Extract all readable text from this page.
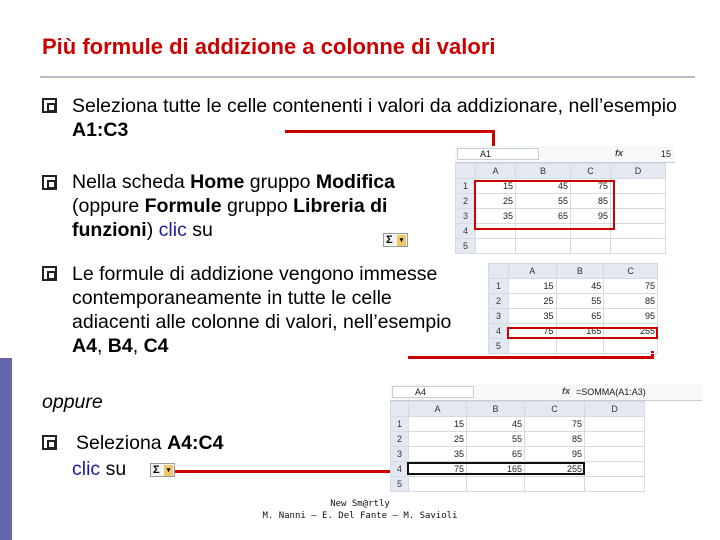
Più formule di addizione a colonne di valori
Seleziona tutte le celle contenenti i valori da addizionare, nell’esempio A1:C3
Nella scheda Home gruppo Modifica
(oppure Formule gruppo Libreria di
funzioni) clic su	Σ	▾
Le formule di addizione vengono immesse contemporaneamente in tutte le celle adiacenti alle colonne di valori, nell’esempio A4, B4, C4
oppure
Seleziona A4:C4
clic su	Σ	▾
A1	fx	15
	A	B	C	D
1	15	45	75	
2	25	55	85	
3	35	65	95	
4				
5				
	A	B	C
1	15	45	75
2	25	55	85
3	35	65	95
4	75	165	255
5			
A4	fx =SOMMA(A1:A3)
	A	B	C	D
1	15	45	75	
2	25	55	85	
3	35	65	95	
4	75	165	255	
5				
New Sm@rtly
M. Nanni – E. Del Fante – M. Savioli
